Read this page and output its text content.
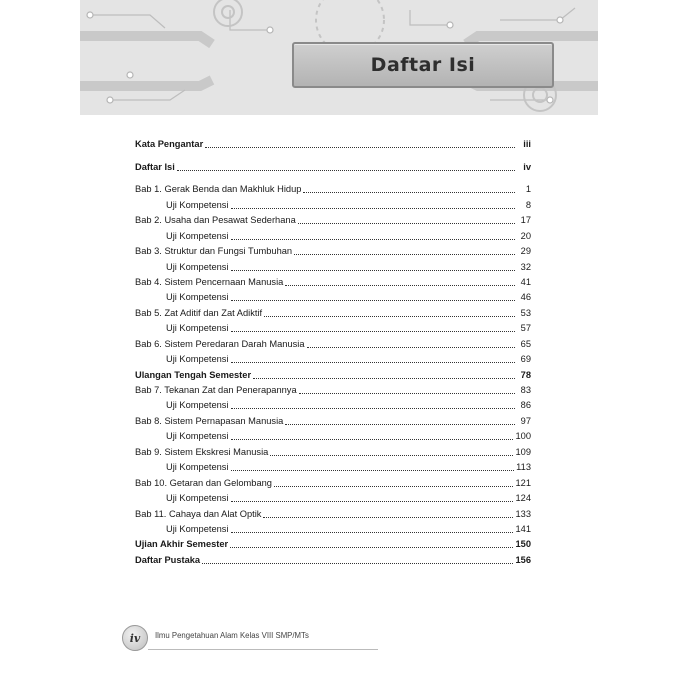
Daftar Isi
Kata Pengantar	iii
Daftar Isi	iv
Bab 1. Gerak Benda dan Makhluk Hidup	1
Uji Kompetensi	8
Bab 2. Usaha dan Pesawat Sederhana	17
Uji Kompetensi	20
Bab 3. Struktur dan Fungsi Tumbuhan	29
Uji Kompetensi	32
Bab 4. Sistem Pencernaan Manusia	41
Uji Kompetensi	46
Bab 5. Zat Aditif dan Zat Adiktif	53
Uji Kompetensi	57
Bab 6. Sistem Peredaran Darah Manusia	65
Uji Kompetensi	69
Ulangan Tengah Semester	78
Bab 7. Tekanan Zat dan Penerapannya	83
Uji Kompetensi	86
Bab 8. Sistem Pernapasan Manusia	97
Uji Kompetensi	100
Bab 9. Sistem Ekskresi Manusia	109
Uji Kompetensi	113
Bab 10. Getaran dan Gelombang	121
Uji Kompetensi	124
Bab 11. Cahaya dan Alat Optik	133
Uji Kompetensi	141
Ujian Akhir Semester	150
Daftar Pustaka	156
iv	Ilmu Pengetahuan Alam Kelas VIII SMP/MTs
